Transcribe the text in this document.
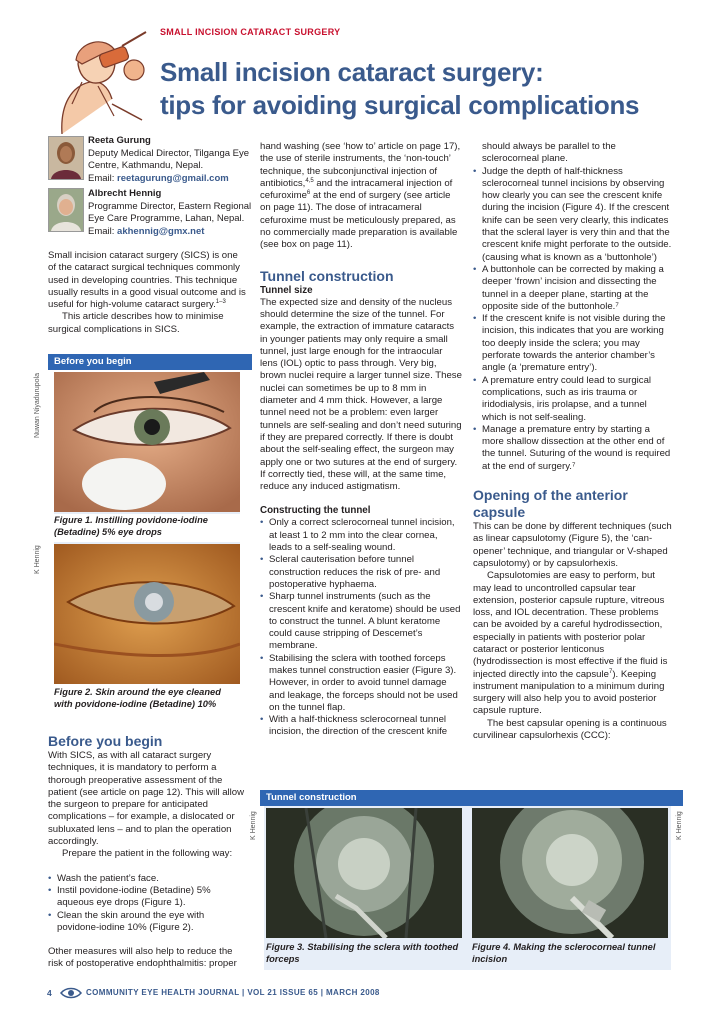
SMALL INCISION CATARACT SURGERY
Small incision cataract surgery:
tips for avoiding surgical complications
Reeta Gurung
Deputy Medical Director, Tilganga Eye
Centre, Kathmandu, Nepal.
Email: reetagurung@gmail.com
Albrecht Hennig
Programme Director, Eastern Regional
Eye Care Programme, Lahan, Nepal.
Email: akhennig@gmx.net

Small incision cataract surgery (SICS) is one of the cataract surgical techniques commonly used in developing countries. This technique usually results in a good visual outcome and is useful for high-volume cataract surgery.$^{1-3}$

This article describes how to minimise surgical complications in SICS.

Before you begin
Nuwan Niyadurupola
Figure 1. Instilling povidone-iodine (Betadine) 5% eye drops
K Hennig
Figure 2. Skin around the eye cleaned with povidone-iodine (Betadine) 10%
Before you begin

With SICS, as with all cataract surgery techniques, it is mandatory to perform a thorough preoperative assessment of the patient (see article on page 12). This will allow the surgeon to prepare for anticipated complications – for example, a dislocated or subluxated lens – and to plan the operation accordingly.

Prepare the patient in the following way:

• Wash the patient’s face.
• Instil povidone-iodine (Betadine) 5% aqueous eye drops (Figure 1).
• Clean the skin around the eye with povidone-iodine 10% (Figure 2).

Other measures will also help to reduce the risk of postoperative endophthalmitis: proper

hand washing (see ‘how to’ article on page 17), the use of sterile instruments, the ‘non-touch’ technique, the subconjunctival injection of antibiotics,$^{4,5}$ and the intracameral injection of cefuroxime$^6$ at the end of surgery (see article on page 11). The dose of intracameral cefuroxime must be meticulously prepared, as no commercially made preparation is available (see box on page 11).

Tunnel construction
Tunnel size

The expected size and density of the nucleus should determine the size of the tunnel. For example, the extraction of immature cataracts in younger patients may only require a small tunnel, just large enough for the intraocular lens (IOL) optic to pass through. Very big, brown nuclei require a larger tunnel size. These nuclei can sometimes be up to 8 mm in diameter and 4 mm thick. However, a large tunnel need not be a problem: even larger tunnels are self-sealing and don’t need suturing if they are prepared correctly. If there is doubt about the self-sealing effect, the surgeon may apply one or two sutures at the end of surgery. If correctly tied, these will, at the same time, reduce any induced astigmatism.

Constructing the tunnel
• Only a correct sclerocorneal tunnel incision, at least 1 to 2 mm into the clear cornea, leads to a self-sealing wound.
• Scleral cauterisation before tunnel construction reduces the risk of pre- and postoperative hyphaema.
• Sharp tunnel instruments (such as the crescent knife and keratome) should be used to construct the tunnel. A blunt keratome could cause stripping of Descemet’s membrane.
• Stabilising the sclera with toothed forceps makes tunnel construction easier (Figure 3). However, in order to avoid tunnel damage and leakage, the forceps should not be used on the tunnel flap.
• With a half-thickness sclerocorneal tunnel incision, the direction of the crescent knife

should always be parallel to the sclerocorneal plane.

• Judge the depth of half-thickness sclerocorneal tunnel incisions by observing how clearly you can see the crescent knife during the incision (Figure 4). If the crescent knife can be seen very clearly, this indicates that the scleral layer is very thin and that the crescent knife might perforate to the outside. (causing what is known as a ‘buttonhole’)
• A buttonhole can be corrected by making a deeper ‘frown’ incision and dissecting the tunnel in a deeper plane, starting at the opposite side of the buttonhole.⁷
• If the crescent knife is not visible during the incision, this indicates that you are working too deeply inside the sclera; you may perforate towards the anterior chamber’s angle (a ‘premature entry’).
• A premature entry could lead to surgical complications, such as iris trauma or iridodialysis, iris prolapse, and a tunnel which is not self-sealing.
• Manage a premature entry by starting a more shallow dissection at the other end of the tunnel. Suturing of the wound is required at the end of surgery.⁷
Opening of the anterior
capsule

This can be done by different techniques (such as linear capsulotomy (Figure 5), the ‘can-opener’ technique, and triangular or V-shaped capsulotomy) or by capsulorhexis.

Capsulotomies are easy to perform, but may lead to uncontrolled capsular tear extension, posterior capsule rupture, vitreous loss, and IOL decentration. These problems can be avoided by a careful hydrodissection, especially in patients with posterior polar cataract or posterior lenticonus (hydrodissection is most effective if the fluid is injected directly into the capsule$^7$). Keeping instrument manipulation to a minimum during surgery will also help you to avoid posterior capsule rupture.

The best capsular opening is a continuous curvilinear capsulorhexis (CCC):

Tunnel construction
K Hennig	K Hennig
Figure 3. Stabilising the sclera with toothed forceps
Figure 4. Making the sclerocorneal tunnel incision
4	COMMUNITY EYE HEALTH JOURNAL | VOL 21 ISSUE 65 | MARCH 2008
